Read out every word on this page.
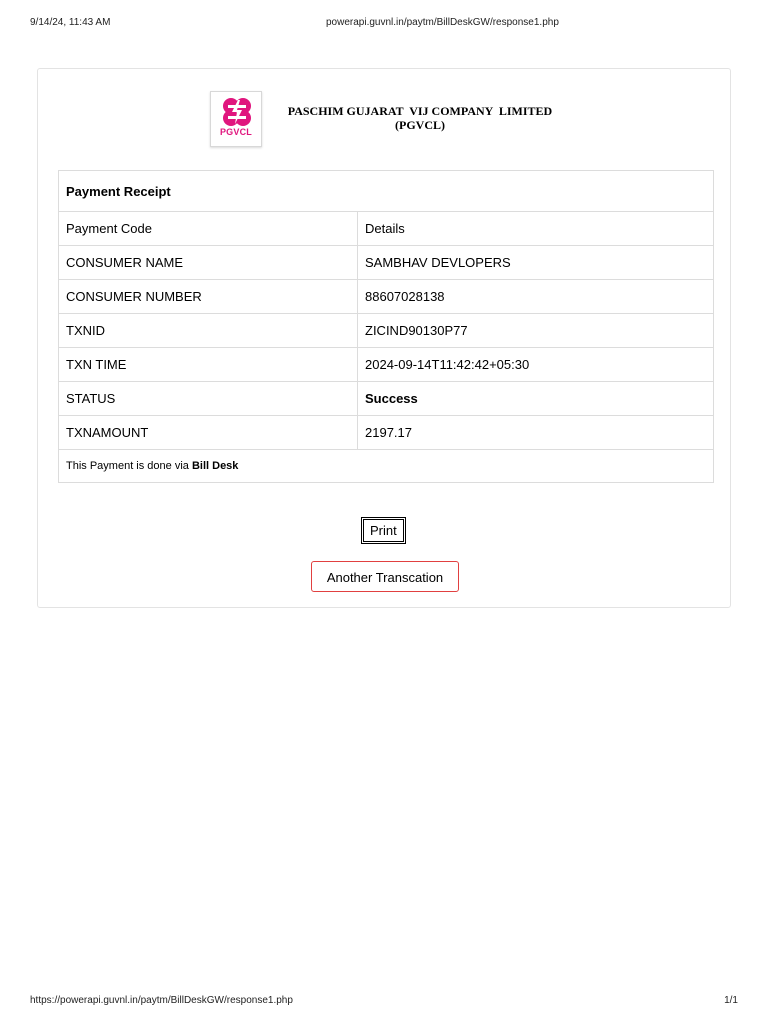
9/14/24, 11:43 AM	powerapi.guvnl.in/paytm/BillDeskGW/response1.php
PGVCL
PASCHIM GUJARAT  VIJ COMPANY  LIMITED
(PGVCL)
Payment Receipt	
Payment Code	Details
CONSUMER NAME	SAMBHAV DEVLOPERS
CONSUMER NUMBER	88607028138
TXNID	ZICIND90130P77
TXN TIME	2024-09-14T11:42:42+05:30
STATUS	Success
TXNAMOUNT	2197.17
This Payment is done via Bill Desk	
Print
Another Transcation
https://powerapi.guvnl.in/paytm/BillDeskGW/response1.php	1/1
